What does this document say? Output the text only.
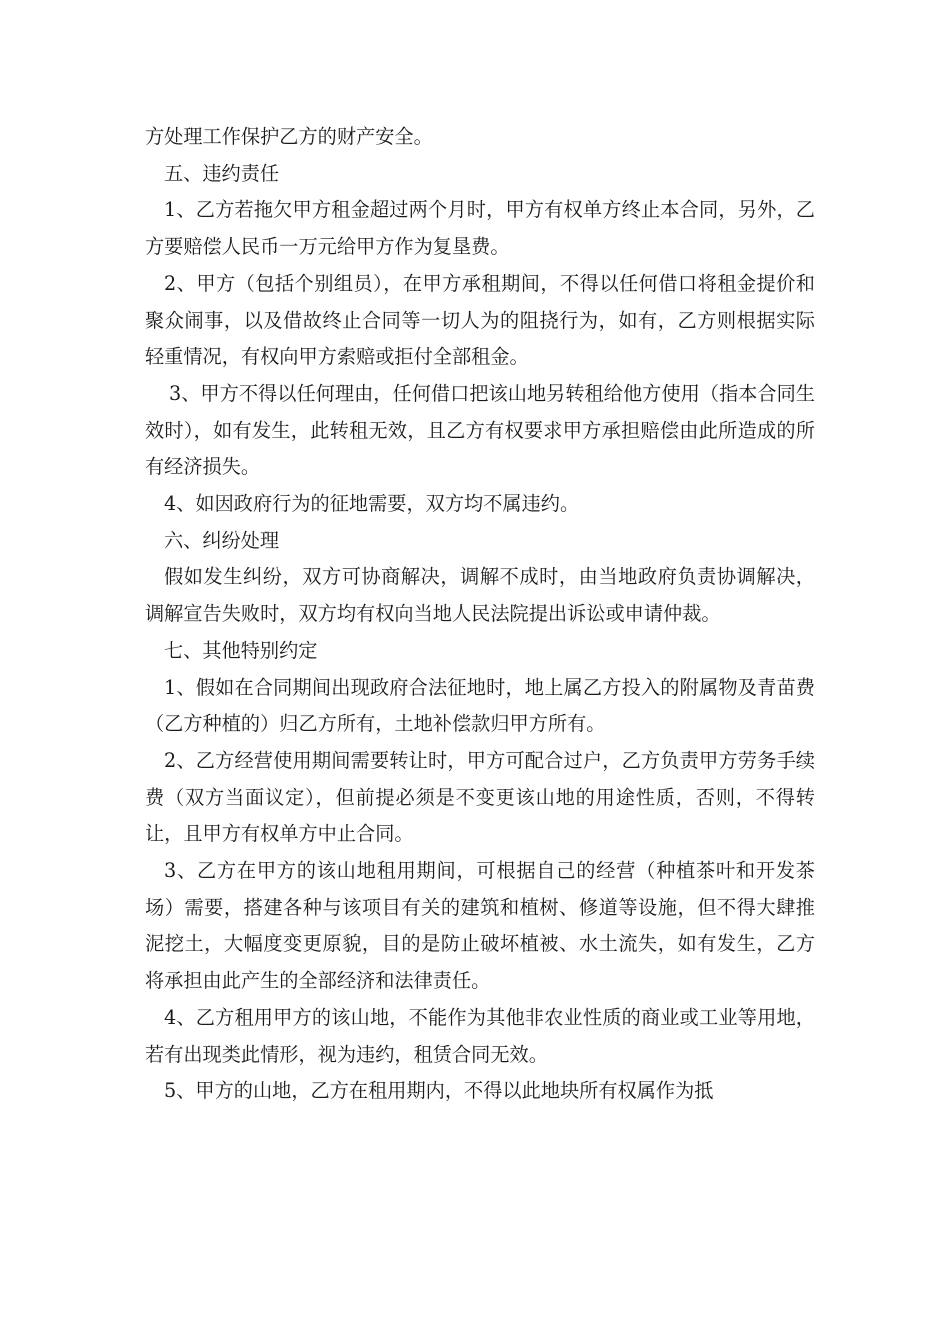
方处理工作保护乙方的财产安全。

五、违约责任

1、乙方若拖欠甲方租金超过两个月时，甲方有权单方终止本合同，另外，乙方要赔偿人民币一万元给甲方作为复垦费。

2、甲方（包括个别组员），在甲方承租期间，不得以任何借口将租金提价和聚众闹事，以及借故终止合同等一切人为的阻挠行为，如有，乙方则根据实际轻重情况，有权向甲方索赔或拒付全部租金。

3、甲方不得以任何理由，任何借口把该山地另转租给他方使用（指本合同生效时），如有发生，此转租无效，且乙方有权要求甲方承担赔偿由此所造成的所有经济损失。

4、如因政府行为的征地需要，双方均不属违约。

六、纠纷处理

假如发生纠纷，双方可协商解决，调解不成时，由当地政府负责协调解决，调解宣告失败时，双方均有权向当地人民法院提出诉讼或申请仲裁。

七、其他特别约定

1、假如在合同期间出现政府合法征地时，地上属乙方投入的附属物及青苗费（乙方种植的）归乙方所有，土地补偿款归甲方所有。

2、乙方经营使用期间需要转让时，甲方可配合过户，乙方负责甲方劳务手续费（双方当面议定），但前提必须是不变更该山地的用途性质，否则，不得转让，且甲方有权单方中止合同。

3、乙方在甲方的该山地租用期间，可根据自己的经营（种植茶叶和开发茶场）需要，搭建各种与该项目有关的建筑和植树、修道等设施，但不得大肆推泥挖土，大幅度变更原貌，目的是防止破坏植被、水土流失，如有发生，乙方将承担由此产生的全部经济和法律责任。

4、乙方租用甲方的该山地，不能作为其他非农业性质的商业或工业等用地，若有出现类此情形，视为违约，租赁合同无效。

5、甲方的山地，乙方在租用期内，不得以此地块所有权属作为抵
